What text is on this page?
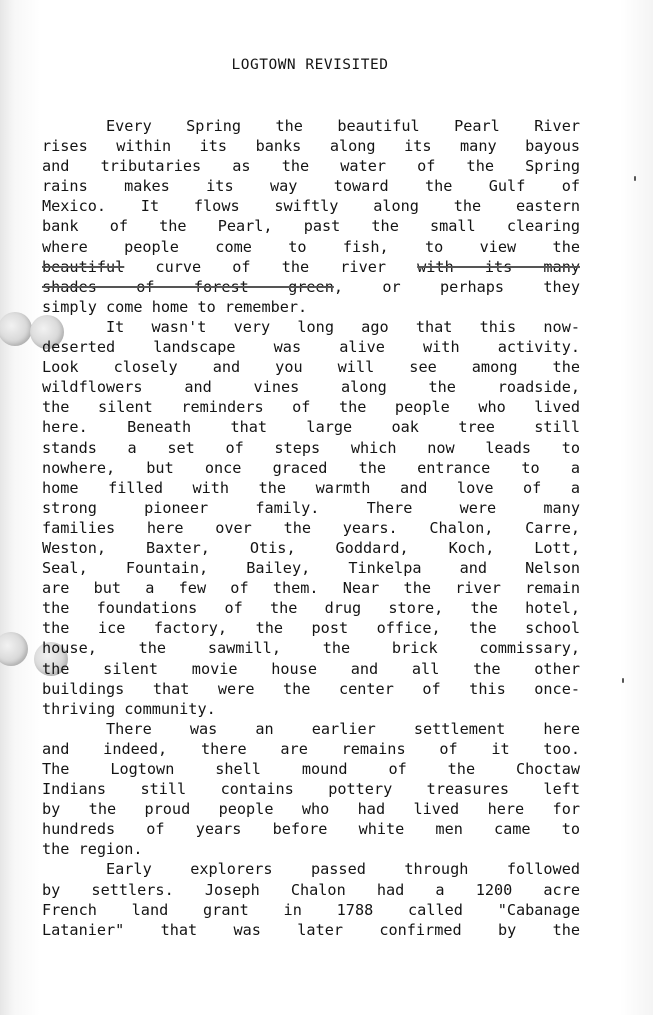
LOGTOWN REVISITED
Every Spring the beautiful Pearl River
rises within its banks along its many bayous
and tributaries as the water of the Spring
rains makes its way toward the Gulf of
Mexico. It flows swiftly along the eastern
bank of the Pearl, past the small clearing
where people come to fish, to view the
beautiful curve of the river with its many
shades of forest green, or perhaps they
simply come home to remember.
It wasn't very long ago that this now-
deserted landscape was alive with activity.
Look closely and you will see among the
wildflowers and vines along the roadside,
the silent reminders of the people who lived
here. Beneath that large oak tree still
stands a set of steps which now leads to
nowhere, but once graced the entrance to a
home filled with the warmth and love of a
strong pioneer family. There were many
families here over the years. Chalon, Carre,
Weston, Baxter, Otis, Goddard, Koch, Lott,
Seal, Fountain, Bailey, Tinkelpa and Nelson
are but a few of them. Near the river remain
the foundations of the drug store, the hotel,
the ice factory, the post office, the school
house, the sawmill, the brick commissary,
the silent movie house and all the other
buildings that were the center of this once-
thriving community.
There was an earlier settlement here
and indeed, there are remains of it too.
The Logtown shell mound of the Choctaw
Indians still contains pottery treasures left
by the proud people who had lived here for
hundreds of years before white men came to
the region.
Early explorers passed through followed
by settlers. Joseph Chalon had a 1200 acre
French land grant in 1788 called "Cabanage
Latanier" that was later confirmed by the
